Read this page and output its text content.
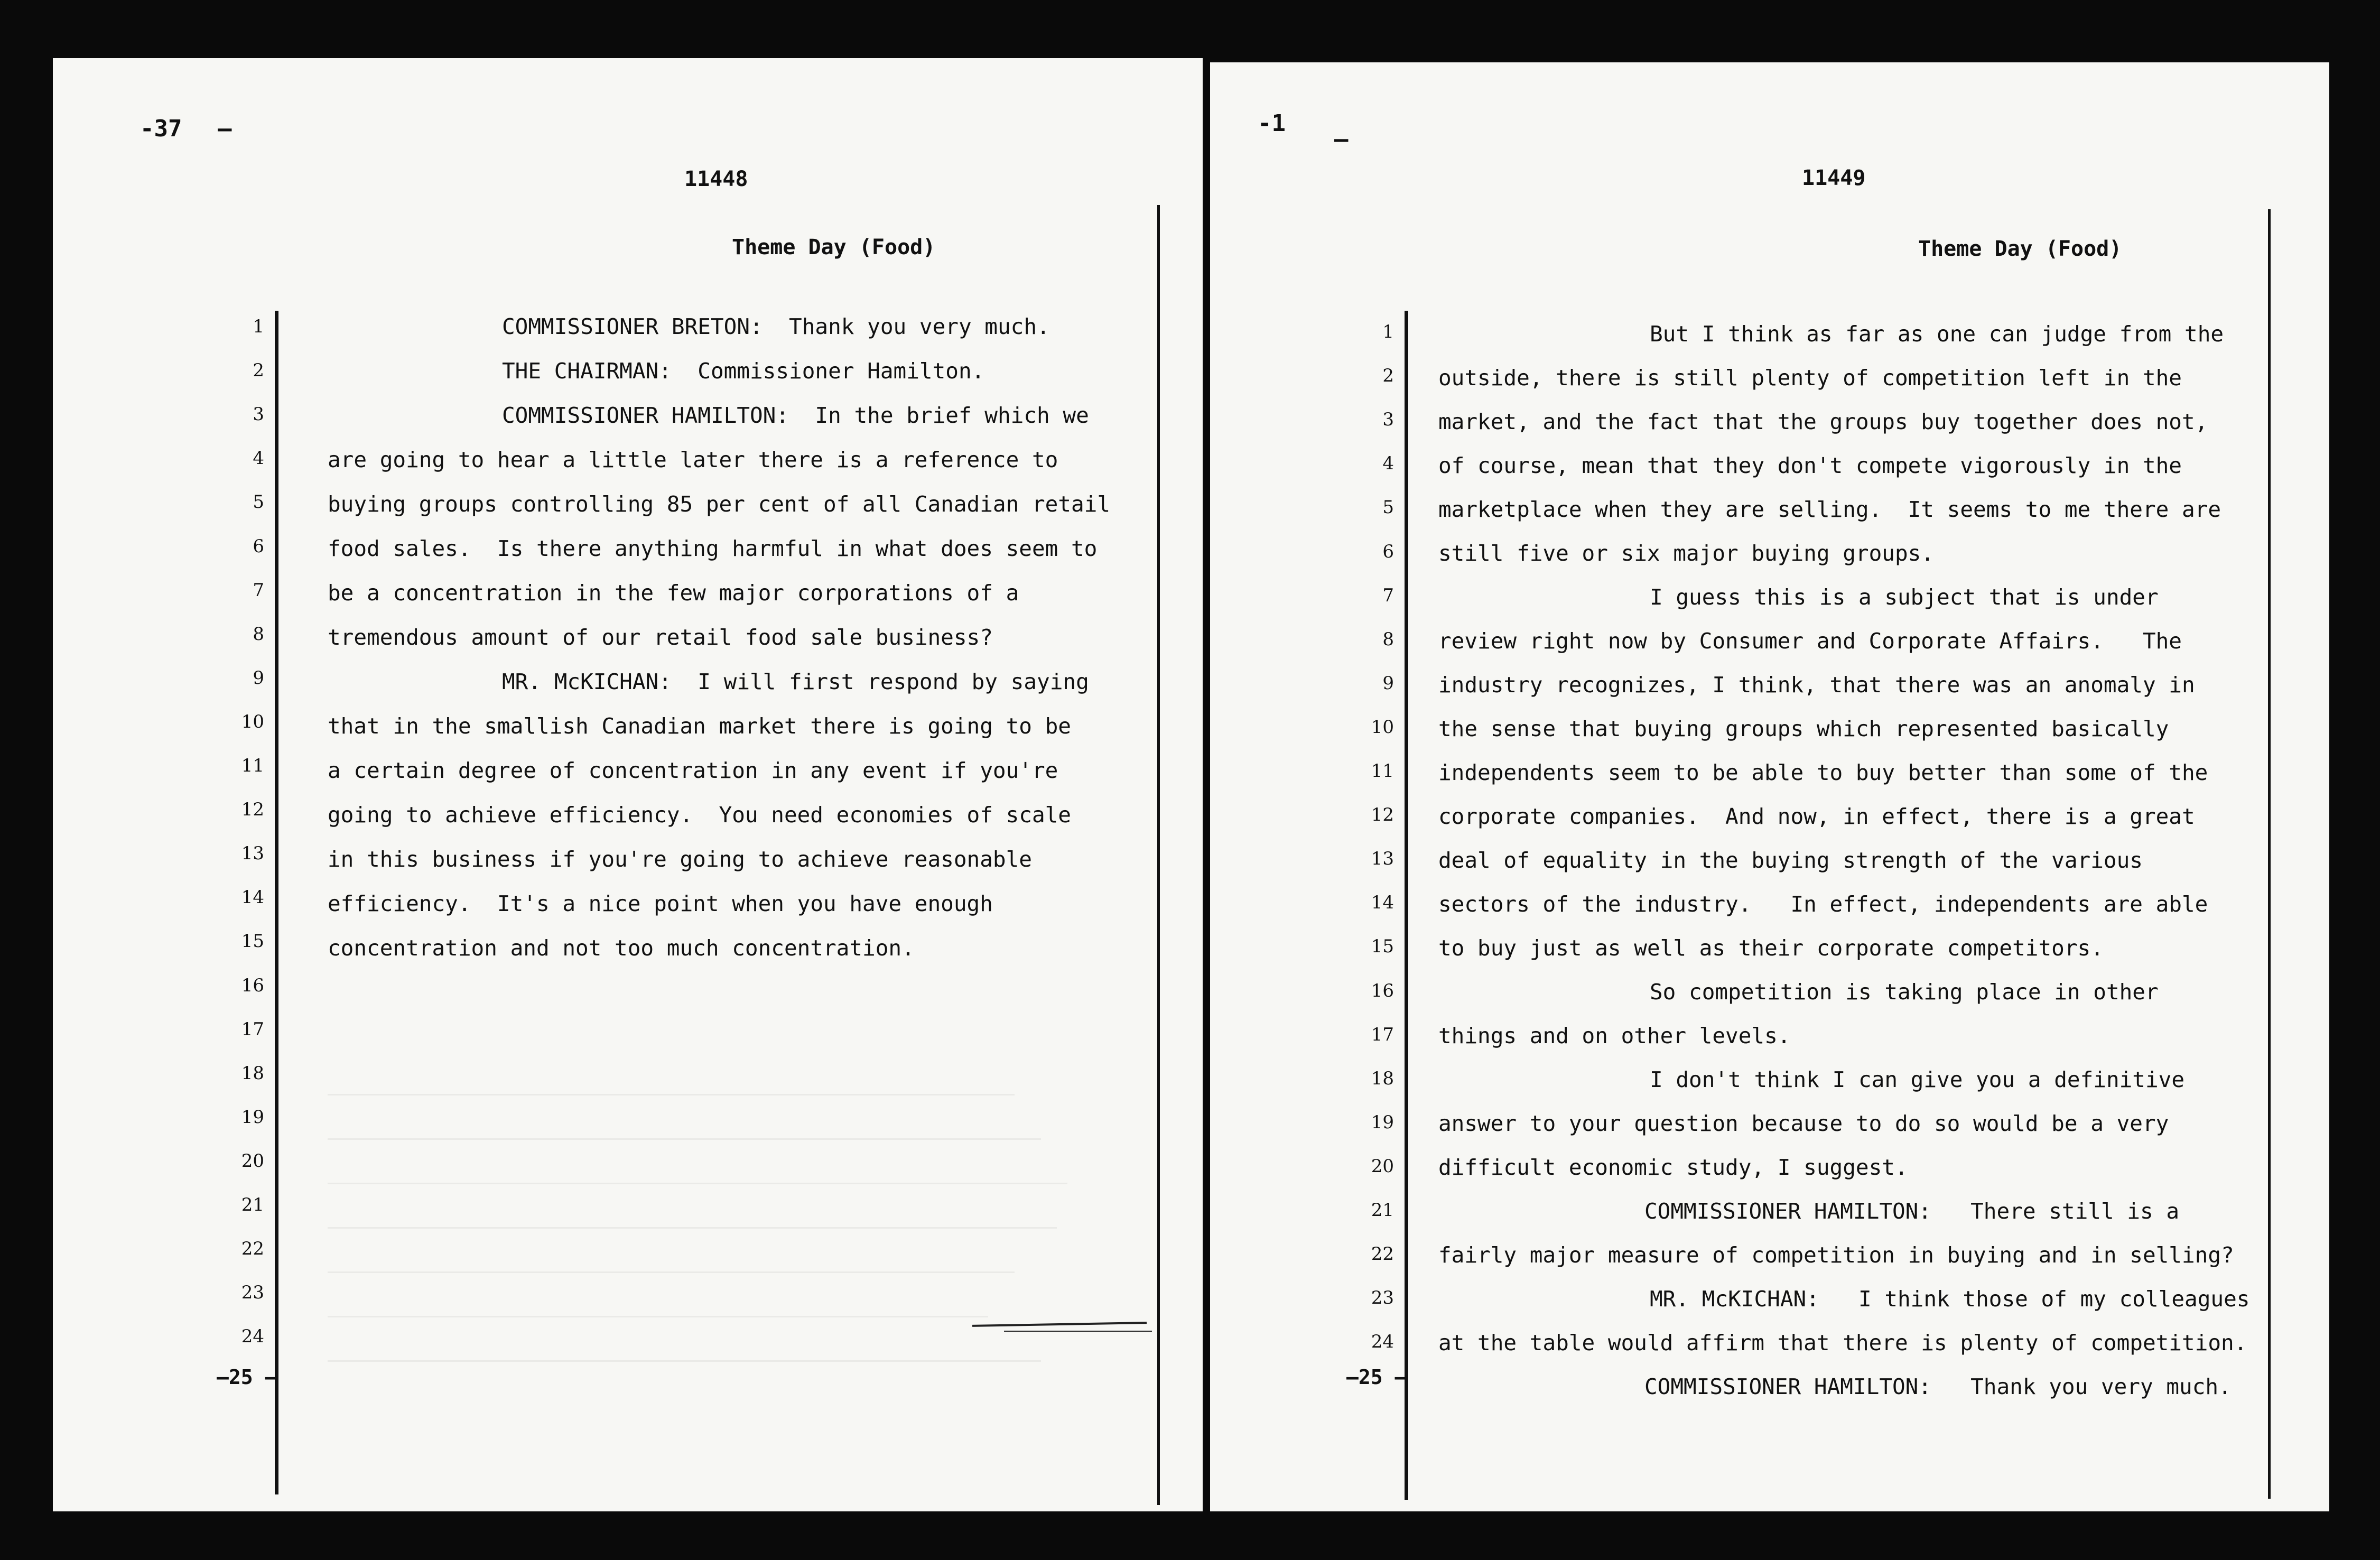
-37 –
11448
Theme Day (Food)
1
2
3
4
5
6
7
8
9
10
11
12
13
14
15
16
17
18
19
20
21
22
23
24
—25 –
COMMISSIONER BRETON:  Thank you very much.
THE CHAIRMAN:  Commissioner Hamilton.
COMMISSIONER HAMILTON:  In the brief which we
are going to hear a little later there is a reference to
buying groups controlling 85 per cent of all Canadian retail
food sales.  Is there anything harmful in what does seem to
be a concentration in the few major corporations of a
tremendous amount of our retail food sale business?
MR. McKICHAN:  I will first respond by saying
that in the smallish Canadian market there is going to be
a certain degree of concentration in any event if you're
going to achieve efficiency.  You need economies of scale
in this business if you're going to achieve reasonable
efficiency.  It's a nice point when you have enough
concentration and not too much concentration.
-1
–
11449
Theme Day (Food)
1
2
3
4
5
6
7
8
9
10
11
12
13
14
15
16
17
18
19
20
21
22
23
24
—25 –
But I think as far as one can judge from the
outside, there is still plenty of competition left in the
market, and the fact that the groups buy together does not,
of course, mean that they don't compete vigorously in the
marketplace when they are selling.  It seems to me there are
still five or six major buying groups.
I guess this is a subject that is under
review right now by Consumer and Corporate Affairs.   The
industry recognizes, I think, that there was an anomaly in
the sense that buying groups which represented basically
independents seem to be able to buy better than some of the
corporate companies.  And now, in effect, there is a great
deal of equality in the buying strength of the various
sectors of the industry.   In effect, independents are able
to buy just as well as their corporate competitors.
So competition is taking place in other
things and on other levels.
I don't think I can give you a definitive
answer to your question because to do so would be a very
difficult economic study, I suggest.
COMMISSIONER HAMILTON:   There still is a
fairly major measure of competition in buying and in selling?
MR. McKICHAN:   I think those of my colleagues
at the table would affirm that there is plenty of competition.
COMMISSIONER HAMILTON:   Thank you very much.
